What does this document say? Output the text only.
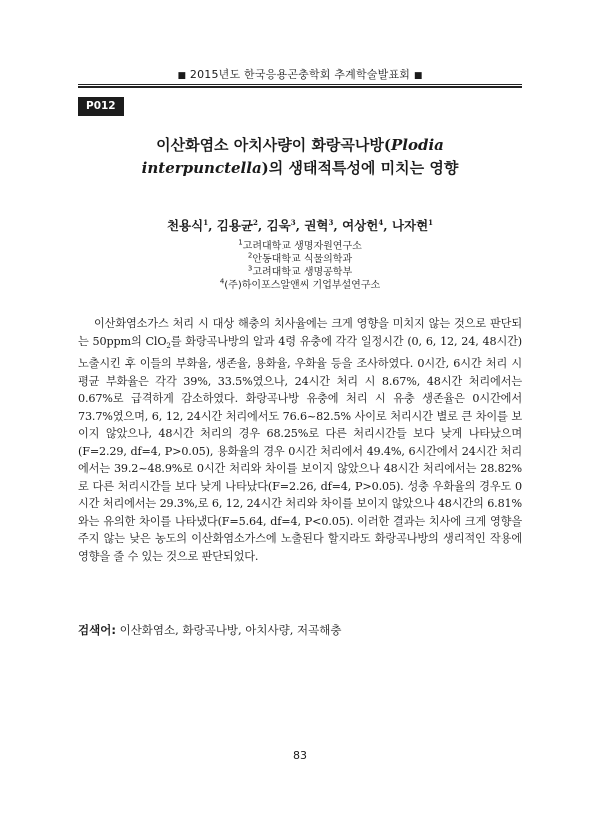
■ 2015년도 한국응용곤충학회 추계학술발표회 ■
P012
이산화염소 아치사량이 화랑곡나방(Plodia
interpunctella)의 생태적특성에 미치는 영향
천용식$^1$, 김용균$^2$, 김욱$^3$, 권혁$^3$, 여상헌$^4$, 나자현$^1$
$^1$고려대학교 생명자원연구소
$^2$안동대학교 식물의학과
$^3$고려대학교 생명공학부
$^4$(주)하이포스알앤씨 기업부설연구소

이산화염소가스 처리 시 대상 해충의 치사율에는 크게 영향을 미치지 않는 것으로 판단되는 50ppm의 ClO$_2$를 화랑곡나방의 알과 4령 유충에 각각 일정시간 (0, 6, 12, 24, 48시간) 노출시킨 후 이들의 부화율, 생존율, 용화율, 우화율 등을 조사하였다. 0시간, 6시간 처리 시 평균 부화율은 각각 39%, 33.5%였으나, 24시간 처리 시 8.67%, 48시간 처리에서는 0.67%로 급격하게 감소하였다. 화랑곡나방 유충에 처리 시 유충 생존율은 0시간에서 73.7%였으며, 6, 12, 24시간 처리에서도 76.6~82.5% 사이로 처리시간 별로 큰 차이를 보이지 않았으나, 48시간 처리의 경우 68.25%로 다른 처리시간들 보다 낮게 나타났으며(F=2.29, df=4, P>0.05), 용화율의 경우 0시간 처리에서 49.4%, 6시간에서 24시간 처리에서는 39.2~48.9%로 0시간 처리와 차이를 보이지 않았으나 48시간 처리에서는 28.82%로 다른 처리시간들 보다 낮게 나타났다(F=2.26, df=4, P>0.05). 성충 우화율의 경우도 0시간 처리에서는 29.3%,로 6, 12, 24시간 처리와 차이를 보이지 않았으나 48시간의 6.81%와는 유의한 차이를 나타냈다(F=5.64, df=4, P<0.05). 이러한 결과는 치사에 크게 영향을 주지 않는 낮은 농도의 이산화염소가스에 노출된다 할지라도 화랑곡나방의 생리적인 작용에 영향을 줄 수 있는 것으로 판단되었다.

검색어: 이산화염소, 화랑곡나방, 아치사량, 저곡해충
83
